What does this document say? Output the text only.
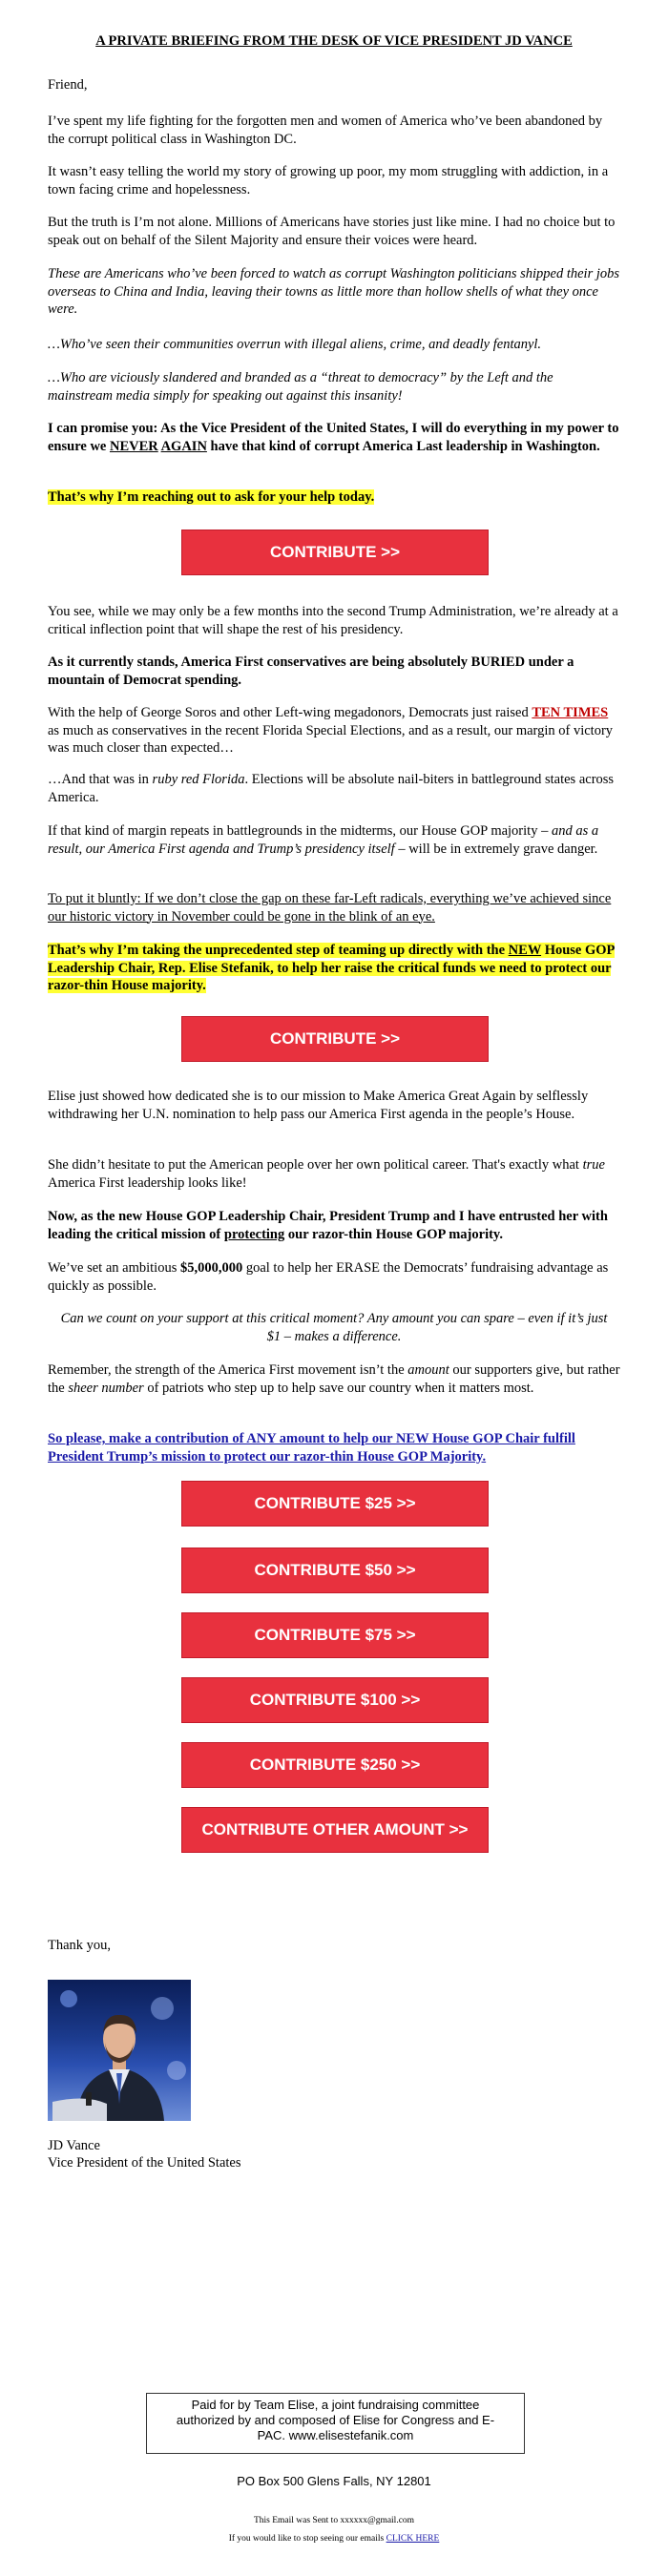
A PRIVATE BRIEFING FROM THE DESK OF VICE PRESIDENT JD VANCE

Friend,

I’ve spent my life fighting for the forgotten men and women of America who’ve been abandoned by the corrupt political class in Washington DC.

It wasn’t easy telling the world my story of growing up poor, my mom struggling with addiction, in a town facing crime and hopelessness.

But the truth is I’m not alone. Millions of Americans have stories just like mine. I had no choice but to speak out on behalf of the Silent Majority and ensure their voices were heard.

These are Americans who’ve been forced to watch as corrupt Washington politicians shipped their jobs overseas to China and India, leaving their towns as little more than hollow shells of what they once were.

…Who’ve seen their communities overrun with illegal aliens, crime, and deadly fentanyl.

…Who are viciously slandered and branded as a “threat to democracy” by the Left and the mainstream media simply for speaking out against this insanity!

I can promise you: As the Vice President of the United States, I will do everything in my power to ensure we NEVER AGAIN have that kind of corrupt America Last leadership in Washington.

That’s why I’m reaching out to ask for your help today.

CONTRIBUTE >>

You see, while we may only be a few months into the second Trump Administration, we’re already at a critical inflection point that will shape the rest of his presidency.

As it currently stands, America First conservatives are being absolutely BURIED under a mountain of Democrat spending.

With the help of George Soros and other Left-wing megadonors, Democrats just raised TEN TIMES as much as conservatives in the recent Florida Special Elections, and as a result, our margin of victory was much closer than expected…

…And that was in ruby red Florida. Elections will be absolute nail-biters in battleground states across America.

If that kind of margin repeats in battlegrounds in the midterms, our House GOP majority – and as a result, our America First agenda and Trump’s presidency itself – will be in extremely grave danger.

To put it bluntly: If we don’t close the gap on these far-Left radicals, everything we’ve achieved since our historic victory in November could be gone in the blink of an eye.

That’s why I’m taking the unprecedented step of teaming up directly with the NEW House GOP Leadership Chair, Rep. Elise Stefanik, to help her raise the critical funds we need to protect our razor-thin House majority.

CONTRIBUTE >>

Elise just showed how dedicated she is to our mission to Make America Great Again by selflessly withdrawing her U.N. nomination to help pass our America First agenda in the people’s House.

She didn’t hesitate to put the American people over her own political career. That's exactly what true America First leadership looks like!

Now, as the new House GOP Leadership Chair, President Trump and I have entrusted her with leading the critical mission of protecting our razor-thin House GOP majority.

We’ve set an ambitious $5,000,000 goal to help her ERASE the Democrats’ fundraising advantage as quickly as possible.

Can we count on your support at this critical moment? Any amount you can spare – even if it’s just $1 – makes a difference.

Remember, the strength of the America First movement isn’t the amount our supporters give, but rather the sheer number of patriots who step up to help save our country when it matters most.

So please, make a contribution of ANY amount to help our NEW House GOP Chair fulfill President Trump’s mission to protect our razor-thin House GOP Majority.

CONTRIBUTE $25 >>
CONTRIBUTE $50 >>
CONTRIBUTE $75 >>
CONTRIBUTE $100 >>
CONTRIBUTE $250 >>
CONTRIBUTE OTHER AMOUNT >>

Thank you,

JD Vance

Vice President of the United States

Paid for by Team Elise, a joint fundraising committee authorized by and composed of Elise for Congress and E-PAC. www.elisestefanik.com

PO Box 500 Glens Falls, NY 12801

This Email was Sent to xxxxxx@gmail.com

If you would like to stop seeing our emails CLICK HERE
